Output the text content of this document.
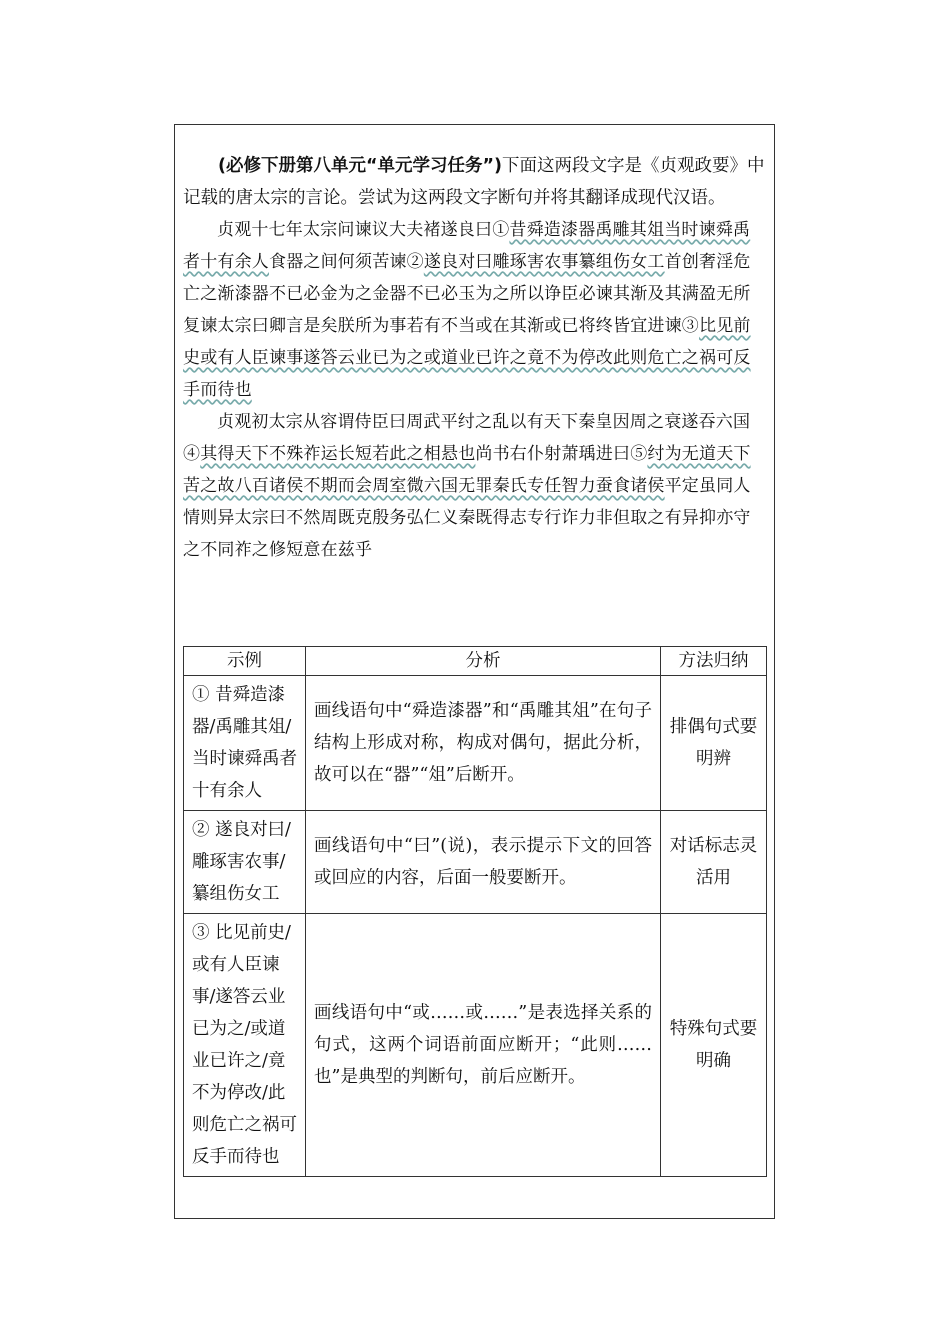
(必修下册第八单元“单元学习任务”)下面这两段文字是《贞观政要》中记载的唐太宗的言论。尝试为这两段文字断句并将其翻译成现代汉语。

贞观十七年太宗问谏议大夫褚遂良曰①昔舜造漆器禹雕其俎当时谏舜禹者十有余人食器之间何须苦谏②遂良对曰雕琢害农事纂组伤女工首创奢淫危亡之渐漆器不已必金为之金器不已必玉为之所以诤臣必谏其渐及其满盈无所复谏太宗曰卿言是矣朕所为事若有不当或在其渐或已将终皆宜进谏③比见前史或有人臣谏事遂答云业已为之或道业已许之竟不为停改此则危亡之祸可反手而待也

贞观初太宗从容谓侍臣曰周武平纣之乱以有天下秦皇因周之衰遂吞六国④其得天下不殊祚运长短若此之相悬也尚书右仆射萧瑀进曰⑤纣为无道天下苦之故八百诸侯不期而会周室微六国无罪秦氏专任智力蚕食诸侯平定虽同人情则异太宗曰不然周既克殷务弘仁义秦既得志专行诈力非但取之有异抑亦守之不同祚之修短意在兹乎

示例	分析	方法归纳
① 昔舜造漆器/禹雕其俎/当时谏舜禹者十有余人	画线语句中“舜造漆器”和“禹雕其俎”在句子结构上形成对称，构成对偶句，据此分析，故可以在“器”“俎”后断开。	排偶句式要明辨
② 遂良对曰/雕琢害农事/纂组伤女工	画线语句中“曰”(说)，表示提示下文的回答或回应的内容，后面一般要断开。	对话标志灵活用
③ 比见前史/或有人臣谏事/遂答云业已为之/或道业已许之/竟不为停改/此则危亡之祸可反手而待也	画线语句中“或……或……”是表选择关系的句式，这两个词语前面应断开；“此则……也”是典型的判断句，前后应断开。	特殊句式要明确
